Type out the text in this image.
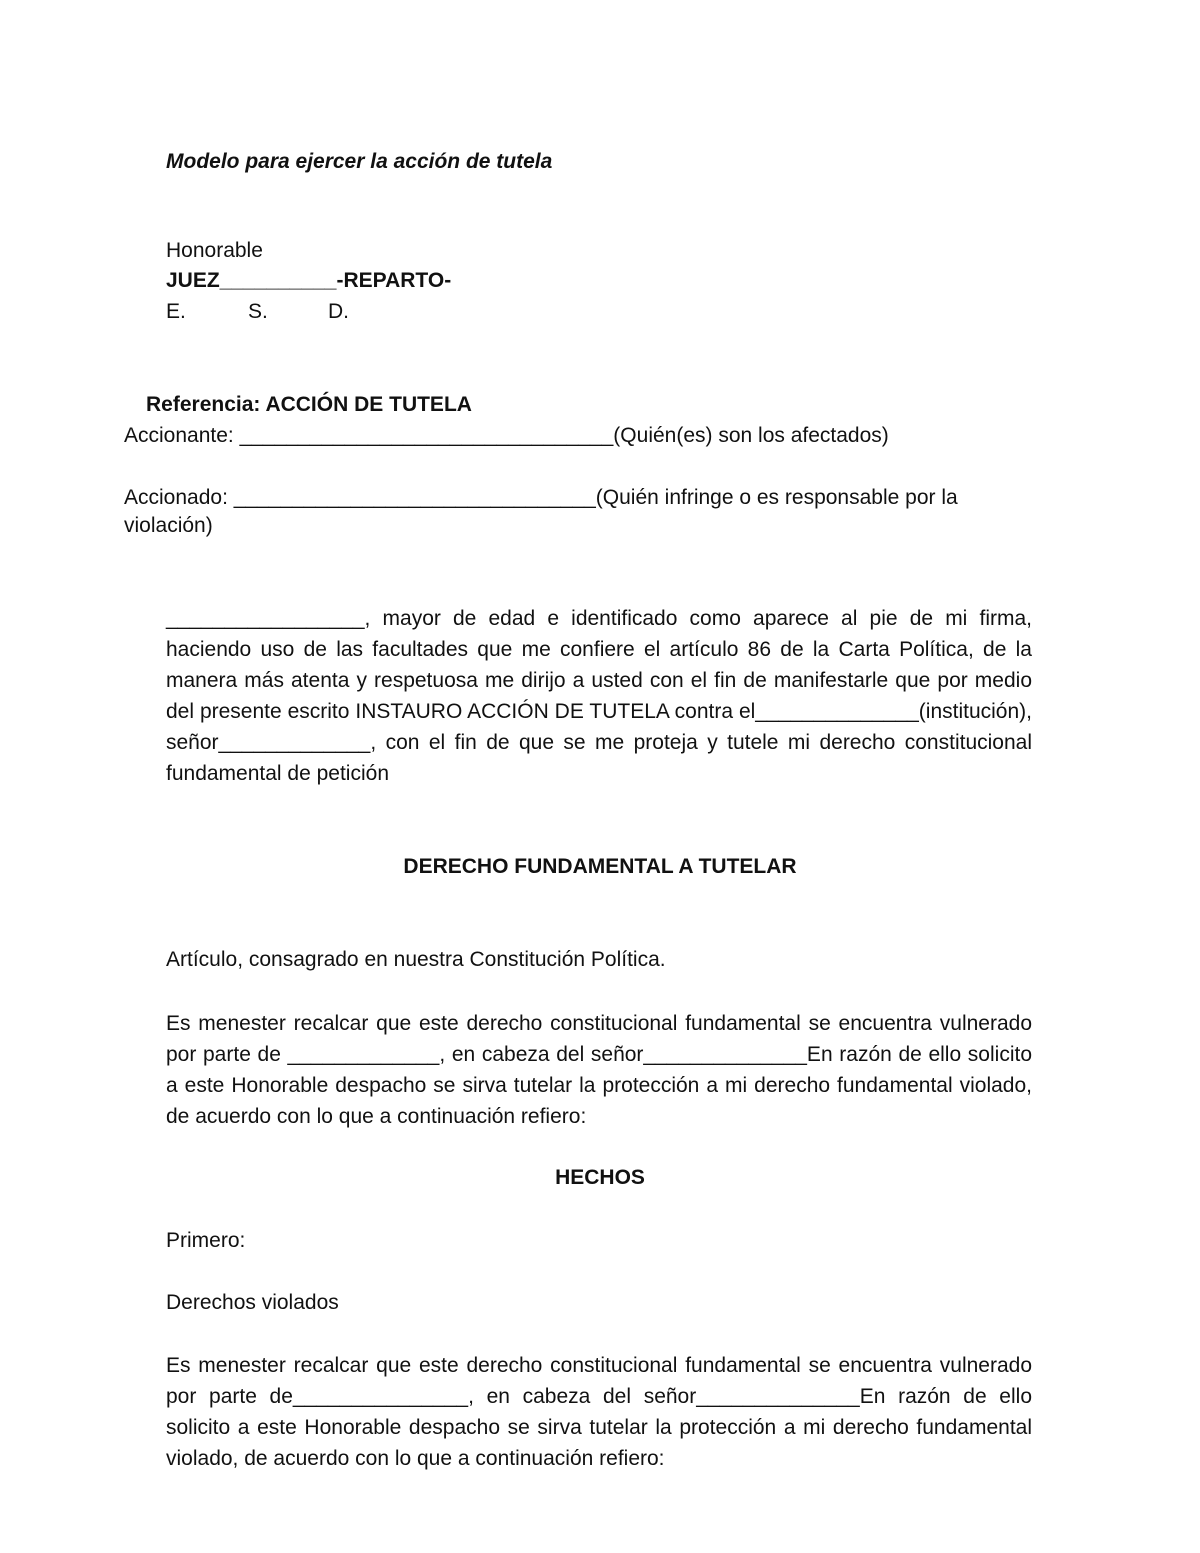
Modelo para ejercer la acción de tutela
Honorable
JUEZ__________-REPARTO-
E.	S.	D.
Referencia: ACCIÓN DE TUTELA
Accionante: ________________________________(Quién(es) son los afectados)
Accionado: _______________________________(Quién infringe o es responsable por la
violación)
_________________, mayor de edad e identificado como aparece al pie de mi firma, haciendo uso de las facultades que me confiere el artículo 86 de la Carta Política, de la manera más atenta y respetuosa me dirijo a usted con el fin de manifestarle que por medio del presente escrito INSTAURO ACCIÓN DE TUTELA contra el______________(institución), señor_____________, con el fin de que se me proteja y tutele mi derecho constitucional fundamental de petición
DERECHO FUNDAMENTAL A TUTELAR
Artículo, consagrado en nuestra Constitución Política.
Es menester recalcar que este derecho constitucional fundamental se encuentra vulnerado por parte de _____________, en cabeza del señor______________En razón de ello solicito a este Honorable despacho se sirva tutelar la protección a mi derecho fundamental violado, de acuerdo con lo que a continuación refiero:
HECHOS
Primero:
Derechos violados
Es menester recalcar que este derecho constitucional fundamental se encuentra vulnerado por parte de_______________, en cabeza del señor______________En razón de ello solicito a este Honorable despacho se sirva tutelar la protección a mi derecho fundamental violado, de acuerdo con lo que a continuación refiero:
